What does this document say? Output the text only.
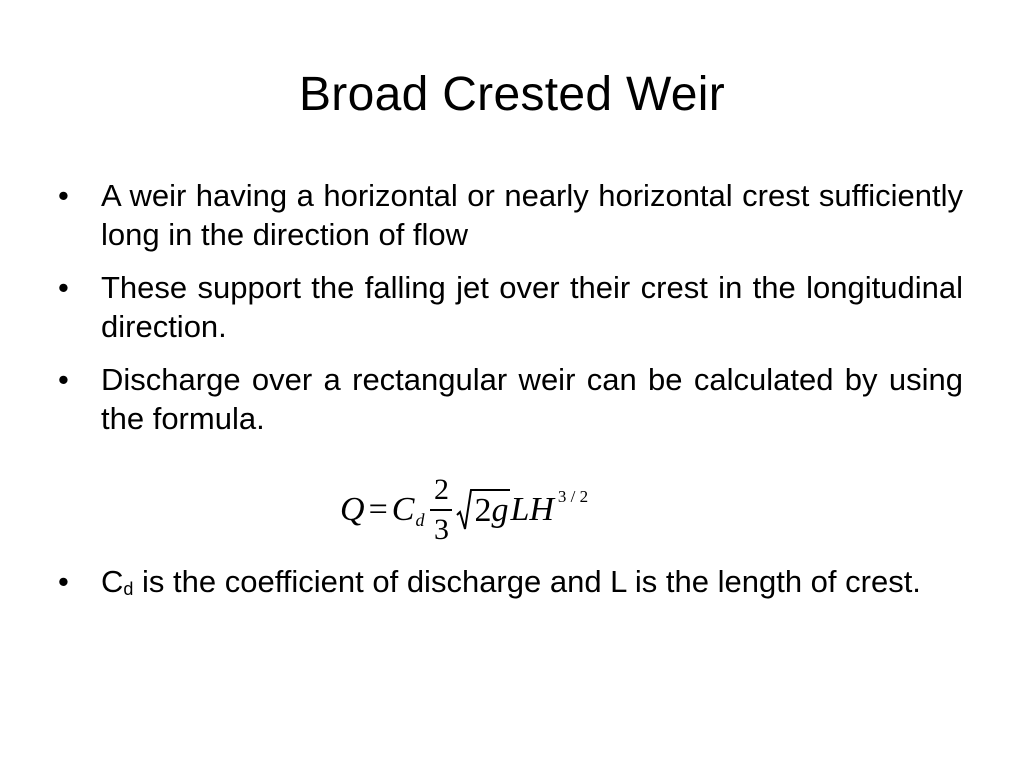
Broad Crested Weir
• A weir having a horizontal or nearly horizontal crest sufficiently long in the direction of flow
• These support the falling jet over their crest in the longitudinal direction.
• Discharge over a rectangular weir can be calculated by using the formula.
Q = C d $\frac{2}{3} 2g$ LH 3 / 2
• Cd is the coefficient of discharge and L is the length of crest.
